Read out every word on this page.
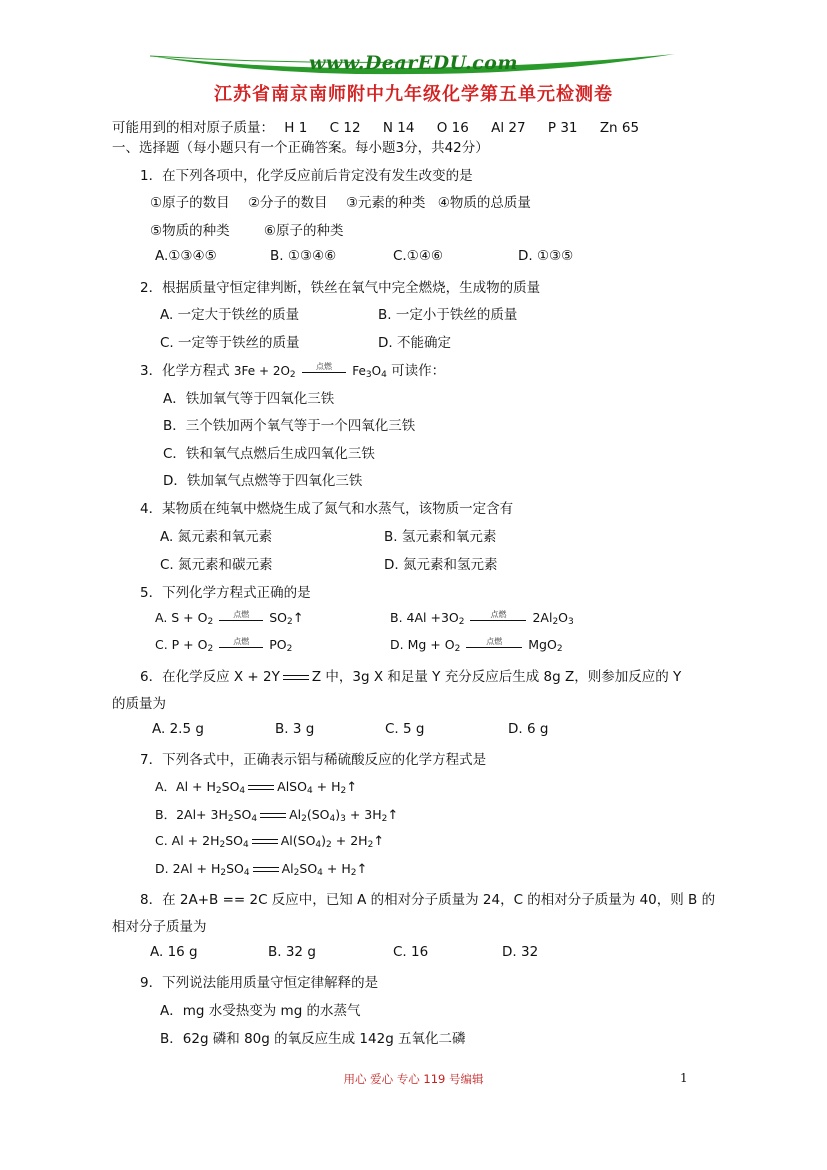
www.DearEDU.com
江苏省南京南师附中九年级化学第五单元检测卷
可能用到的相对原子质量： H 1 C 12 N 14 O 16 Al 27 P 31 Zn 65
一、选择题（每小题只有一个正确答案。每小题3分，共42分）
1．在下列各项中，化学反应前后肯定没有发生改变的是
①原子的数目 ②分子的数目 ③元素的种类 ④物质的总质量
⑤物质的种类	⑥原子的种类
A.①③④⑤	B. ①③④⑥	C.①④⑥	D. ①③⑤
2．根据质量守恒定律判断，铁丝在氧气中完全燃烧，生成物的质量
A. 一定大于铁丝的质量	B. 一定小于铁丝的质量
C. 一定等于铁丝的质量	D. 不能确定
3．化学方程式 $3Fe + 2O_2$
点燃	$Fe_3O_4$ 可读作：
A．铁加氧气等于四氧化三铁
B．三个铁加两个氧气等于一个四氧化三铁
C．铁和氧气点燃后生成四氧化三铁
D．铁加氧气点燃等于四氧化三铁
4．某物质在纯氧中燃烧生成了氮气和水蒸气，该物质一定含有
A. 氮元素和氧元素	B. 氢元素和氧元素
C. 氮元素和碳元素	D. 氮元素和氢元素
5．下列化学方程式正确的是
A. $S + O_2$
点燃	$SO_2↑$	B. $4Al +3O_2$
点燃	$2Al_2O_3$
C. $P + O_2$
点燃	$PO_2$	D. $Mg + O_2$
点燃	MgO$_2$
6．在化学反应 X + 2Y Z 中，3g X 和足量 Y 充分反应后生成 8g Z，则参加反应的 Y
的质量为
A. 2.5 g	B. 3 g	C. 5 g	D. 6 g
7．下列各式中，正确表示铝与稀硫酸反应的化学方程式是
A．$Al + H_2SO_4$	AlSO$_4$ + $H_2↑$
B．$2Al+ 3H_2SO_4$	$Al_2(SO_4)_3$ + $3H_2↑$
C. $Al + 2H_2SO_4$	$Al(SO_4)_2$ + $2H_2↑$
D. $2Al + H_2SO_4$	$Al_2SO_4$ + $H_2↑$
8．在 2A+B == 2C 反应中，已知 A 的相对分子质量为 24，C 的相对分子质量为 40，则 B 的
相对分子质量为
A. 16 g	B. 32 g	C. 16	D. 32
9．下列说法能用质量守恒定律解释的是
A．mg 水受热变为 mg 的水蒸气
B．62g 磷和 80g 的氧反应生成 142g 五氧化二磷
用心 爱心 专心 119 号编辑	1
